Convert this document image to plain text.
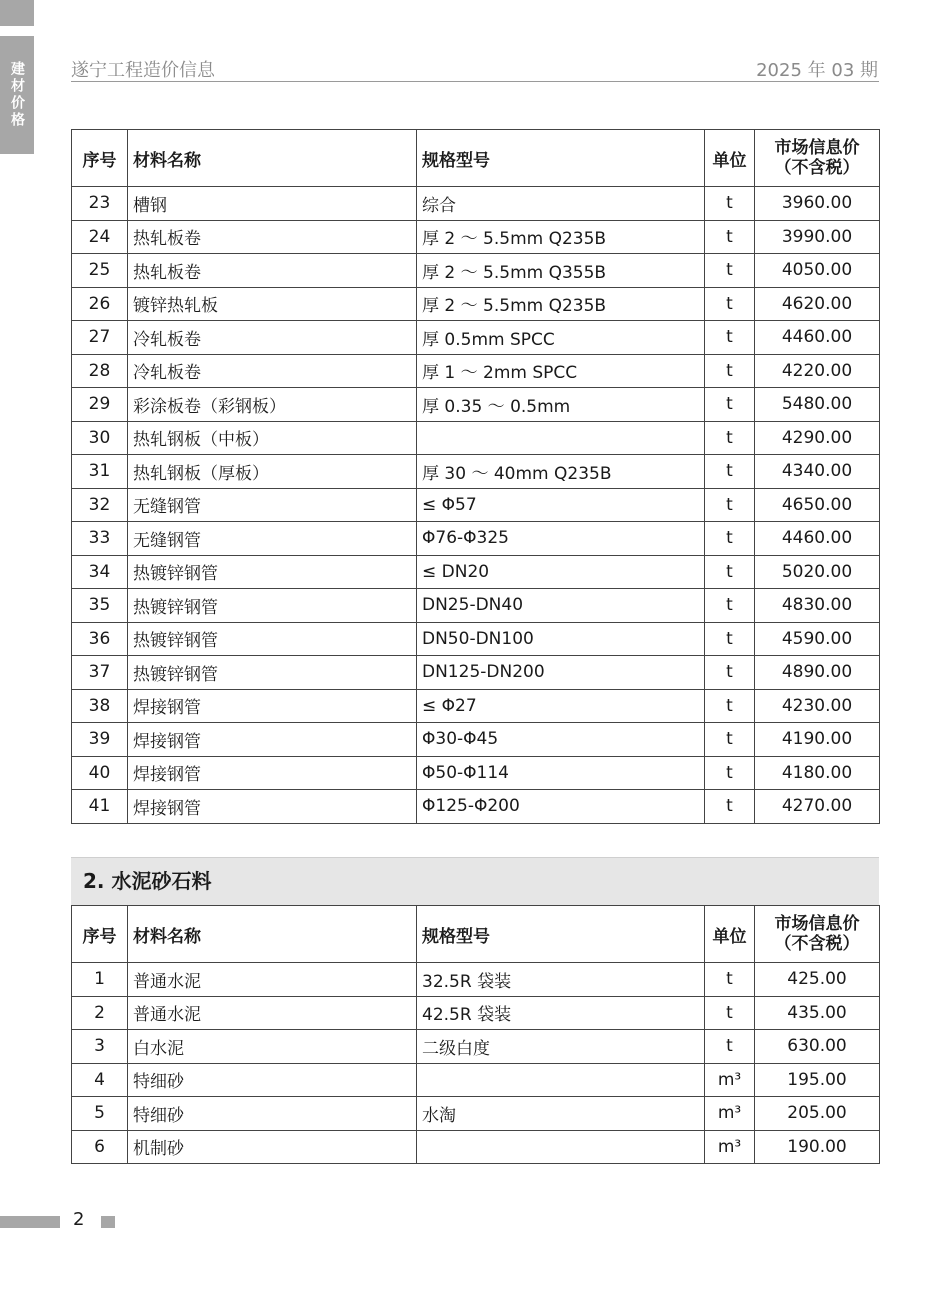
建材价格	遂宁工程造价信息	2025 年 03 期
序号	材料名称	规格型号	单位	市场信息价
（不含税）

23	槽钢	综合	t	3960.00
24	热轧板卷	厚 2 ～ 5.5mm Q235B	t	3990.00
25	热轧板卷	厚 2 ～ 5.5mm Q355B	t	4050.00
26	镀锌热轧板	厚 2 ～ 5.5mm Q235B	t	4620.00
27	冷轧板卷	厚 0.5mm SPCC	t	4460.00
28	冷轧板卷	厚 1 ～ 2mm SPCC	t	4220.00
29	彩涂板卷（彩钢板）	厚 0.35 ～ 0.5mm	t	5480.00
30	热轧钢板（中板）		t	4290.00
31	热轧钢板（厚板）	厚 30 ～ 40mm Q235B	t	4340.00
32	无缝钢管	≤ Φ57	t	4650.00
33	无缝钢管	Φ76-Φ325	t	4460.00
34	热镀锌钢管	≤ DN20	t	5020.00
35	热镀锌钢管	DN25-DN40	t	4830.00
36	热镀锌钢管	DN50-DN100	t	4590.00
37	热镀锌钢管	DN125-DN200	t	4890.00
38	焊接钢管	≤ Φ27	t	4230.00
39	焊接钢管	Φ30-Φ45	t	4190.00
40	焊接钢管	Φ50-Φ114	t	4180.00
41	焊接钢管	Φ125-Φ200	t	4270.00
2. 水泥砂石料
序号	材料名称	规格型号	单位	市场信息价
（不含税）

1	普通水泥	32.5R 袋装	t	425.00
2	普通水泥	42.5R 袋装	t	435.00
3	白水泥	二级白度	t	630.00
4	特细砂		m³	195.00
5	特细砂	水淘	m³	205.00
6	机制砂		m³	190.00
2
